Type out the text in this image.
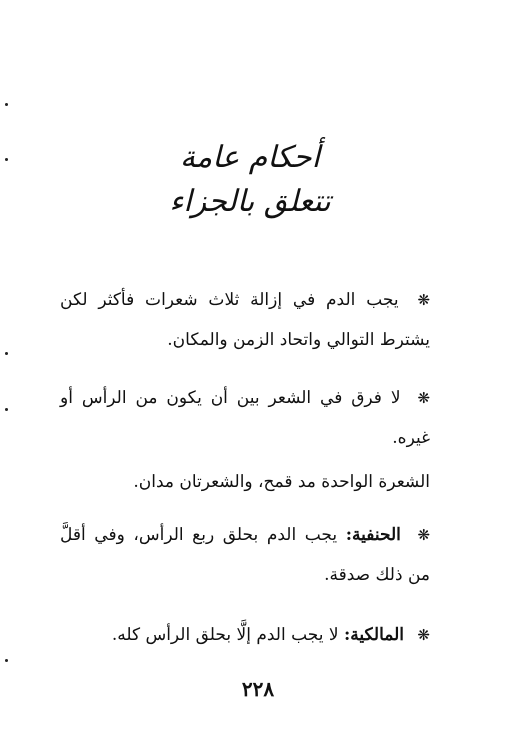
أحكام عامة
تتعلق بالجزاء
❋ يجب الدم في إزالة ثلاث شعرات فأكثر لكن يشترط التوالي واتحاد الزمن والمكان.
❋ لا فرق في الشعر بين أن يكون من الرأس أو غيره.
الشعرة الواحدة مد قمح، والشعرتان مدان.
❋ الحنفية: يجب الدم بحلق ربع الرأس، وفي أقلَّ من ذلك صدقة.
❋ المالكية: لا يجب الدم إلَّا بحلق الرأس كله.
٢٢٨
